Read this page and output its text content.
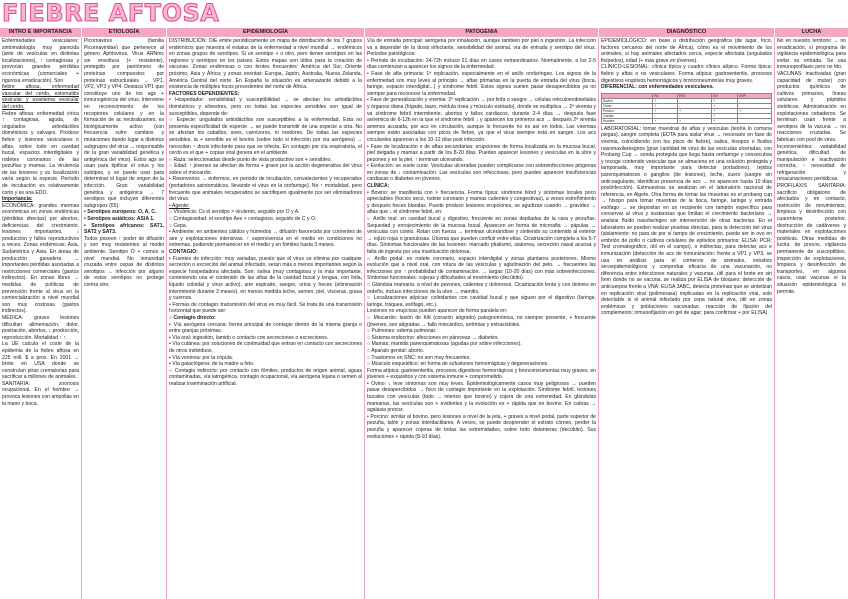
FIEBRE AFTOSA
INTRO E IMPORTANCIA	ETIOLOGÍA	EPIDEMIOLOGÍA	PATOGENIA	DIAGNÓSTICO	LUCHA

Enfermedades vesiculares: sintomatología muy parecida (ante de vesículas en distintas localizaciones), ↑ contagiosas y provocan grandes pérdidas económicas (comerciales + rigurosa erradicación). Son

fiebre aftosa, enfermedad vascular del cerdo, estomatitis vesicular y exantema vesicular del cerdo.

Fiebre aftosa: enfermedad vírica ↑ contagiosa, aguda, de ungulados artiodáctilos domésticos y salvajes. Produce fiebre y lesiones vesiculares o aftas, sobre todo en cavidad bucal, espacios interdigitales y rodetes coronarios de las pezuñas y mamas. La virulencia de las lesiones y su localización varía según la especie. Período de incubación es relativamente corto y es una EDO.

Importancia:

ECONÓMICA: grandes mermas económicas en zonas endémicas (pérdidas directas) por abortos, deficiencias del crecimiento, lesiones importantes, ↓ producción y fallos reproductivos a veces. Zonas endémicas: Asia, Sudamérica y Asia. En áreas de producción ganadera → importantes pérdidas asociadas a restricciones comerciales (gastos indirectos). En zonas libres → medidas de políticas de prevención frente al virus en la comercialización a nivel mundial son muy costosas (gastos indirectos).

MÉDICA: graves lesiones dificultan alimentación, dolor, postración, abortos, ↓ producción, reproducción. Mortalidad ↑ ↑.

La UE calcula el coste de la epidemia de la fiebre aftosa en 225 mill. $ a prox. En 2001 → brote en USA donde se construían piras crematorias para sacrificar a millones de animales.

SANITARIA: zoonosis ocupacional. En el hombre → provoca lesiones con ampollas en la mano y boca.

Picornavirus (familia Picornaviridae) que pertenece al género Aphtovirus. Virus ARNmc sin envoltura (+ resistente), protegido por pantómero de proteínas compuestos por proteínas estructurales → VP1, VP2, VP3 y VP4. Destaca VP1 que constituye uno de los ags + inmunogénicos del virus. Interviene en reconocimiento de los receptores celulares y en la formación de ac neutralizantes; es biológicamente activo (con frecuencia sufre cambios y mutaciones dando lugar a distintos subgrupos del virus → responsable de la gran variabilidad genética y antigénica del virus). Estos ags se usan para tipificar el virus y los subtipos, y se puede usar para determinar el lugar de origen de la infección. Gran variabilidad genética y antigénica → 7 serotipos que incluyen diferentes subgrupos (65):

• Serotipos europeos: O, A, C.

• Serotipos asiáticos: ASIA 1.

• Serotipos africanos: SAT1, SAT2 y SAT3.

Todos poseen ↑ poder de difusión y son muy resistentes al medio ambiente. Serotipo O + común a nivel mundial. No inmunidad cruzada entre cepas de distintos serotipos → infección por alguno de estos serotipos no protege contra otro.

DISTRIBUCIÓN: OIE emite periódicamente un mapa de distribución de los 7 grupos endémicos que muestra el estatus de la enfermedad a nivel mundial → endémicos en zonas grupos de serotipos. Si un serotipo + o otro, pero tienen serotipos en las regiones y serotipos en los países. Estos mapas son útiles para la creación de vacunas. Zonas endémicas o con brotes frecuentes: América del Sur, Oriente próximo, Asia y África; y zonas exentas: Europa, Japón, Australia, Nueva Zelanda, América Central del norte. En España la situación es amenazante debido a la existencia de múltiples focos procedentes del norte de África.

FACTORES DEPENDIENTES:

• Hospedador: sensibilidad y susceptibilidad → se afectan los artiodáctilos domésticos y silvestres, pero no todas las especies sensibles son igual de susceptibles, depende de:

○ Especie: ungulados artiodáctilos son susceptibles a la enfermedad. Esta no presenta especificidad de especie → se puede transmitir de una especie a otra. No se afectan los caballos, aves, carnívoros, ni roedores. De todas las especies sensibles, la + sensible es el bovino (sobre todo si infección por vía aerógena) → necesitan ~ dosis infectante para que se infecta. En contagio por vía respiratoria, el cerdo es el que + copias viral genera en el ambiente.

○ Raza: seleccionadas desde punto de vista productivo son + sensibles.

○ Edad: ↑ jóvenes se afectan de forma + grave por la acción degenerativa del virus sobre el miocardio.

• Reservorios → enfermos, en periodo de incubación, convalecientes y recuperados (portadores asintomáticos, llevando el virus en la orofaringe). No ↑ mortalidad, pero frecuente que animales recuperados se sacrifiquen igualmente por ser eliminadores del virus.

• Agente:

○ Virulencia: Cs el serotipo > virulento, seguido por O y A.

○ Contagiosidad: el serotipo Aes > contagioso, seguido de C y O.

○ Cepa.

• Ambiente: en ambientes cálidos y húmedos → difusión favorecida por corrientes de aire y explotaciones intensivas. ↑ supervivencia en el medio en condiciones no extremas, pudiendo permanecer en el medio y en fómites hasta 3 meses.

CONTAGIO:

• Fuentes de infección: muy variadas, puesto que el virus se elimina por cualquier secreción o excreción del animal infectado, serán más o menos importantes según la especie hospedadora afectada. Son: saliva (muy contagiosa y la más importante, conteniendo una el contenido de las aftas de la cavidad bucal y lengua, con linfa, líquido coloidal y virus activo), aire espirado, sangre, orina y heces (eliminación intermitente durante 2 meses), en menos medida leche, semen, piel, vísceras, grasa y cuernos.

• Formas de contagio: transmisión del virus es muy fácil. Se trata de una transmisión horizontal que puede ser:

○ Contagio directo:

▪ Vía aerógena cercana: forma principal de contagio dentro de la misma granja o entre granjas próximas.

▪ Vía oral: ingestión, lamido o contacto con secreciones o excreciones.

▪ Vía cutánea: por soluciones de continuidad que entran en contacto con secreciones de otros individuos.

▪ Vía venérea: por la cópula.

▪ Vía galactógena: de la madre a feto.

○ Contagio indirecto: por contacto con fómites, productos de origen animal, aguas contaminadas, vía iatrogénica, contagio ocupacional, vía aerógena lejana o semen al realizar inseminación artificial.

Vía de entrada principal: aerógena por inhalación, aunque también por piel o ingestión. La infección va a depender de la dosis infectante, sensibilidad del animal, vía de entrada y serotipo del virus. Periodos patológicos:

• Periodo de incubación: 24-72h incluso 21 días en casos extraordinarios. Normalmente, a los 2-5 días comienzan a aparecer los signos de la enfermedad.

• Fase de afta primaria: 1ª replicación, especialmente en el anillo orofaríngeo. Los signos de la enfermedad son muy leves al principio → aftas primarias en la puerta de entrada del virus (boca, faringe, espacio interdigital...) y síndrome febril. Estos signos suelen pasar desapercibidos ya no siempre para reconocer la enfermedad.

• Fase de generalización y viremia: 2ª replicación → por linfa o sangre → células reticuloendoteliales y órganos diana (hígado, bazo, médula ósea y músculo estriado), donde se multiplica → 2ª viremia y va síndrome febril intermitente, abortos y fallos cardiacos, durante 2-4 días → después fase aviremica de 6-12h en la que el síndrome febril ↓ y aparecen los primeros acs → después 2ª viremia amenos acusada, por acs en circulación, aunque lo frecuente no es así en todos. Las viremias siempre están asociadas con picos de fiebre, ya que el virus siempre está en sangre. Los acs circulantes aparecen a los 10-12 días post infección.

• Fase de localización o de aftas secundarias: erupciones de forma localizada en la mucosa bucal, piel delgada y mamas a partir de los 8-20 días. Pueden aparecer lesiones y vesículas en la ubre y pezones y en la piel. ↑ terminan ulcerando.

• Evolución: se suele curar. Vesículas ulceradas pueden complicarse con sobreinfecciones piógenas en zonas de ↓ contaminación. Las vesículas son infecciosas, pero pueden aparecer insuficiencias cardiacas o diabetes en jóvenes.

CLÍNICA:

• Bovino: se manifiesta con > frecuencia. Forma típica: síndrome febril y síntomas locales poco apreciables (hocico seco, rodete coronario y mamas calientes y congestivas), a veces estreñimiento y después heces blandas. Puede producir lesiones erupciones, se agudizan cuando → gravidez → aftas que ↓ el síndrome febril, en:

○ Anillo oral: en cavidad bucal y digestivo, frecuente en zonas depiladas de la cara y pezuñas. Sequedad y enrojecimiento de la mucosa bucal. Aparecen en forma de microafta → pápulas → vesículas con colelo. Rotan con fuerza → terminan ulcerándose y sintiendo su contenido al exterior → rojizo rojas o granulosas. Úlceras que pueden confluir entre ellas. Cicatrización completa a los 5-7 días. Síntomas funcionales de las lesiones: marcado ptialismo, sialorrea, secreción nasal acuosa y falta de ingesta por una masticación dolorosa.

○ Anillo podal: en rodete coronario, espacio interdigital y zonas plantares posteriores. Mismo evolución que a nivel oral, con rotura de las vesículas y aglutinación del pelo. → frecuentes las infecciones por ↑ probabilidad de contaminación. → largas (10-20 días) con más sobreinfecciones. Síntomas funcionales: cojeras y dificultades al movimiento (decúbito).

○ Glándula mamaria: a nivel de pezones, calientes y dolorosos. Cicatrización lenta y con dolores en ordeño, incluso infecciones de la ubre → mamitis.

○ Localizaciones atípicas: colindantes con cavidad bucal y que siguen por el digestivo (faringe, laringe, tráquea, esófago, etc.).

Lesiones no erupcivas pueden aparecer de forma paralela en:

○ Miocardio: lesión de Kitt (corazón atigrado) patognomónica, no siempre presente, + frecuente (jóvenes, son atigradas → fallo miocárdico, arritmias y extrasístoles.

○ Pulmones: edema pulmonar.

○ Sistema endocrino: afecciones en páncreas → diabetes.

○ Mamas: mamitis parenquimatosas (agudas por sobre infecciones).

○ Aparato genital: aborto.

○ Trastornos en SNC: no son muy frecuentes.

○ Músculo esquelético: en forma de sufusiones hemorrágicas y degeneraciones.

Forma atípica: gastroenteritis, procesos digestivos hemorrágicos y bronconeumonías muy graves, en jóvenes + exquisitos y con sistema inmune + comprometido.

• Ovino: ↓ leve síntomas son muy leves. Epidemiológicamente casos muy peligrosos → pueden pasar desapercibidos → foco de contagio importante en la explotación. Síndrome febril, lesiones bucales con vesículas (todo → intenso que bovino) y cojera de una extremidad. En glándulas mamarias, las vesículas son + evidentes y la evolución es + rápida que en bovino. En cabras → agalaxia precoz.

• Porcino: similar al bovino, pero lesiones a nivel de la jeta, + graves a nivel podal, parte superior de pezuña, talón y zonas interdactilares. A veces, se puede desprender el estrato córneo, perder la pezuña y aparecer cojeras de todas las extremidades, sobre todo delanteras (decúbito). Sus evoluciones + rápida (8-10 días).

EPIDEMIOLÓGICO: en base a distribución geográfica (de lugar, foco, factores cercanos del norte de África), cómo es el movimiento de los animales, si hay animales afectados cerca, especie afectada (ungulados fisípedos), edad (+ más grave en jóvenes).

CLÍNICO-LESIONAL: clínica típica y cuadro clínico atípico. Forma típica: fiebre y aftas o no vesiculares. Forma atípica: gastroenteritis, procesos digestivos eruptivos hemorrágicos y bronconeumonías muy graves.

DIFERENCIAL: con enfermedades vesiculares.

	FA	EVC	EV	EVP
Bovino	+	-	+	-
Ovino	+	-	+	-
Porcino	+	+	+	+
Caballo	-	-	+	-
Hombre	+	+	+	-

LABORATORIAL: tomar muestras de aftas y vesículas (teoría lo comuna piegas), sangre completa (EDTA para aislar virus → necesario en fase de viremia, coincidiendo con los picos de fiebre), saliva, hisopos o fluidos nasomaxilaresgnos (gran cantidad de virus de las vesículas ulceradas, con Probang Cup → sonda protegida que llega hasta orofaringe y consecutiva y recoge contenido vesicular que se almacena en una solución protegida y tamponada, muy importante para detectar portadores), tejidos parenquimatosos o ganglios (de lesiones), leche, suero (sangre sin anticoagulante, identificar presencia de acs → no aparecen hasta 10 días postinfección). Estmuestras se analizan en el laboratorio nacional de referencia, en Algete. Otra forma de tomar las muestras es el probang cup → hisopo para tomar muestras de la boca, faringe, laringe y entrada esófago → se depositan en un recipiente con tampón específico para conservar al virus y sustancias que limitan el crecimiento bacteriano → analizar fluido nasofaríngeo sin intervención de otras bacterias. En el laboratorio se pueden realizar pruebas directas, para la detección del virus (aislamiento: no para de por sí tampo de crecimiento, puede ser in ovo en embrión de pollo o cultivos celulares de epitelios primarios; ELISA; PCR; Test cromatográfico, útil en el campo), o indirectas, para detectar acs e inmunización (detección de acs de inmunización: frente a VP1 y VP3, se usa en análisis para el comercio de animales, estudios seroepidemiológicos y comprobar eficacia de una vacunación, no diferencia entre infecciones naturales y vacunas, útil para el brote en sin Ítem donde no se vacuna, se realiza por ELISA de bloqueo; detección de anticuerpos frente a VNA: ELISA 3ABC, detecta proteínas que se sintetizan en replicación viral (polimerasa) implicadas en la replicación viral, solo detectable si el animal infectado por cepa natural viva, útil en zonas endémicas y poblaciones vacunadas; reacción de fijación del complemento; inmunofijación en gel de agar; para confirmar + por ELISA).

No en nuestro territorio → no erradicación, sí programa de vigilancia epidemiológica para evitar su entrada. Se usa inmunoprofilaxis pero no ttto.

VACUNAS: inactivadas (gran capacidad de mutar) con productos químicos de cultivos primarios, líneas celulares y péptidos sintéticos. Administración en explotaciones cebaderos. Se terminan usan frente a serotipos de la vacuna → no reacciones cruzadas. Se fabrican con pool de virus.

Inconvenientes: variabilidad genética, dificultad de manipulación e inactivación correcta, ↑ necesidad de refrigeración y revacunaciones periódicas.

PROFILAXIS SANITARIA: sacrificio obligatorio de afectados y en contacto, restricción de movimientos, limpieza y desinfección con cuarentena posterior, destrucción de cadáveres y materiales en explotaciones positivas. Otras medidas de lucha: de precos, vigilancia permanente de susceptibles, inspección de explotaciones, limpieza y desinfección de transportes, en algunos casos, usar vacunas si la situación epidemiológica lo permite.
